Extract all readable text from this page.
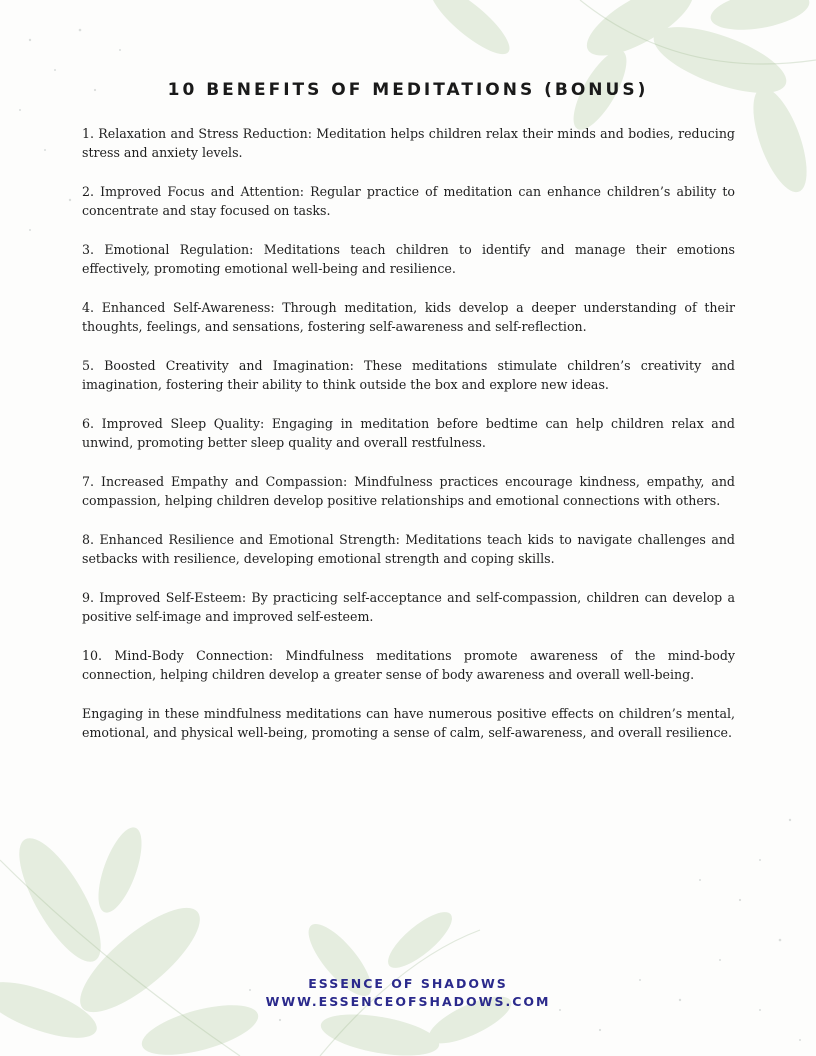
10 BENEFITS OF MEDITATIONS (BONUS)

1. Relaxation and Stress Reduction: Meditation helps children relax their minds and bodies, reducing stress and anxiety levels.

2. Improved Focus and Attention: Regular practice of meditation can enhance children’s ability to concentrate and stay focused on tasks.

3. Emotional Regulation: Meditations teach children to identify and manage their emotions effectively, promoting emotional well-being and resilience.

4. Enhanced Self-Awareness: Through meditation, kids develop a deeper understanding of their thoughts, feelings, and sensations, fostering self-awareness and self-reflection.

5. Boosted Creativity and Imagination: These meditations stimulate children’s creativity and imagination, fostering their ability to think outside the box and explore new ideas.

6. Improved Sleep Quality: Engaging in meditation before bedtime can help children relax and unwind, promoting better sleep quality and overall restfulness.

7. Increased Empathy and Compassion: Mindfulness practices encourage kindness, empathy, and compassion, helping children develop positive relationships and emotional connections with others.

8. Enhanced Resilience and Emotional Strength: Meditations teach kids to navigate challenges and setbacks with resilience, developing emotional strength and coping skills.

9. Improved Self-Esteem: By practicing self-acceptance and self-compassion, children can develop a positive self-image and improved self-esteem.

10. Mind-Body Connection: Mindfulness meditations promote awareness of the mind-body connection, helping children develop a greater sense of body awareness and overall well-being.

Engaging in these mindfulness meditations can have numerous positive effects on children’s mental, emotional, and physical well-being, promoting a sense of calm, self-awareness, and overall resilience.

ESSENCE OF SHADOWS
WWW.ESSENCEOFSHADOWS.COM
